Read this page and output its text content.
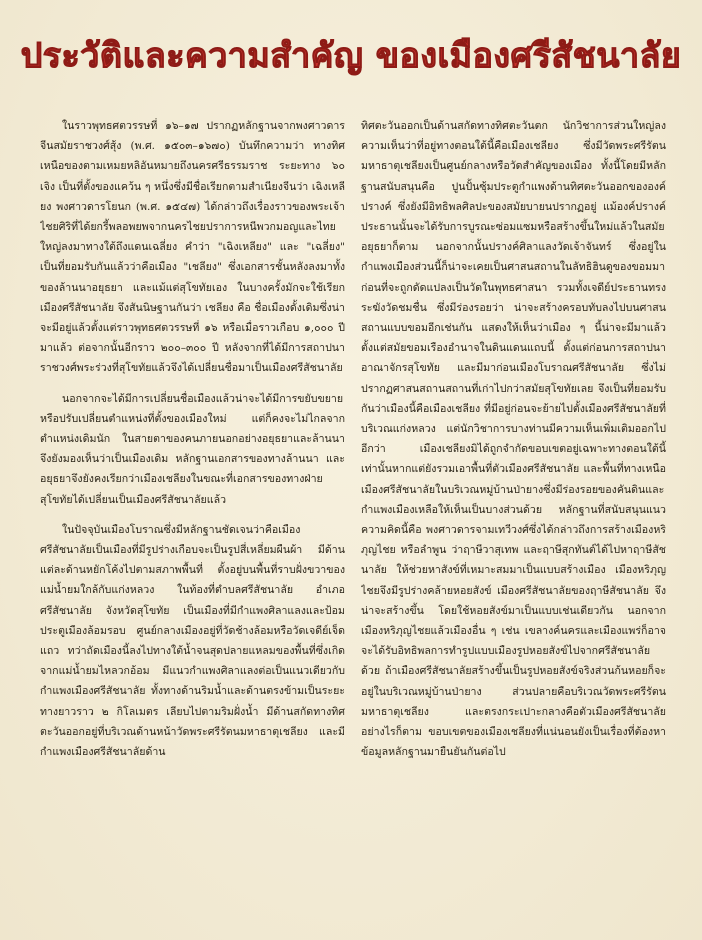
ประวัติและความสำคัญ ของเมืองศรีสัชนาลัย

ในราวพุทธศตวรรษที่ ๑๖–๑๗ ปรากฏหลักฐานจากพงศาวดารจีนสมัยราชวงศ์สุ้ง (พ.ศ. ๑๕๐๓–๑๖๗๐) บันทึกความว่า ทางทิศเหนือของตามเหมยหลิอันหมายถึงนครศรีธรรมราช ระยะทาง ๖๐ เจิง เป็นที่ตั้งของแคว้น ๆ หนึ่งซึ่งมีชื่อเรียกตามสำเนียงจีนว่า เฉิงเหลียง พงศาวดารโยนก (พ.ศ. ๑๕๔๗) ได้กล่าวถึงเรื่องราวของพระเจ้าไชยศิริที่ได้ยกรี้พลอพยพจากนครไชยปราการหนีพวกมอญและไทยใหญ่ลงมาทางใต้ถึงแดนเฉลี่ยง คำว่า "เฉิงเหลียง" และ "เฉลี่ยง" เป็นที่ยอมรับกันแล้วว่าคือเมือง "เชลียง" ซึ่งเอกสารชั้นหลังลงมาทั้งของล้านนาอยุธยา และแม้แต่สุโขทัยเอง ในบางครั้งมักจะใช้เรียกเมืองศรีสัชนาลัย จึงสันนิษฐานกันว่า เชลียง คือ ชื่อเมืองดั้งเดิมซึ่งน่าจะมีอยู่แล้วตั้งแต่ราวพุทธศตวรรษที่ ๑๖ หรือเมื่อราวเกือบ ๑,๐๐๐ ปีมาแล้ว ต่อจากนั้นอีกราว ๒๐๐–๓๐๐ ปี หลังจากที่ได้มีการสถาปนาราชวงศ์พระร่วงที่สุโขทัยแล้วจึงได้เปลี่ยนชื่อมาเป็นเมืองศรีสัชนาลัย

นอกจากจะได้มีการเปลี่ยนชื่อเมืองแล้วน่าจะได้มีการขยับขยายหรือปรับเปลี่ยนตำแหน่งที่ตั้งของเมืองใหม่ แต่ก็คงจะไม่ไกลจากตำแหน่งเดิมนัก ในสายตาของคนภายนอกอย่างอยุธยาและล้านนา จึงยังมองเห็นว่าเป็นเมืองเดิม หลักฐานเอกสารของทางล้านนา และอยุธยาจึงยังคงเรียกว่าเมืองเชลียงในขณะที่เอกสารของทางฝ่ายสุโขทัยได้เปลี่ยนเป็นเมืองศรีสัชนาลัยแล้ว

ในปัจจุบันเมืองโบราณซึ่งมีหลักฐานชัดเจนว่าคือเมืองศรีสัชนาลัยเป็นเมืองที่มีรูปร่างเกือบจะเป็นรูปสี่เหลี่ยมผืนผ้า มีด้านแต่ละด้านหยักโค้งไปตามสภาพพื้นที่ ตั้งอยู่บนพื้นที่ราบฝั่งขวาของแม่น้ำยมใกล้กับแก่งหลวง ในท้องที่ตำบลศรีสัชนาลัย อำเภอศรีสัชนาลัย จังหวัดสุโขทัย เป็นเมืองที่มีกำแพงศิลาแลงและป้อมประตูเมืองล้อมรอบ ศูนย์กลางเมืองอยู่ที่วัดช้างล้อมหรือวัดเจดีย์เจ็ดแถว ทว่าถัดเมืองนี้ลงไปทางใต้น้ำจนสุดปลายแหลมของพื้นที่ซึ่งเกิดจากแม่น้ำยมไหลวกอ้อม มีแนวกำแพงศิลาแลงต่อเป็นแนวเดียวกับกำแพงเมืองศรีสัชนาลัย ทั้งทางด้านริมน้ำและด้านตรงข้ามเป็นระยะทางยาวราว ๒ กิโลเมตร เลียบไปตามริมฝั่งน้ำ มีด้านสกัดทางทิศตะวันออกอยู่ที่บริเวณด้านหน้าวัดพระศรีรัตนมหาธาตุเชลียง และมีกำแพงเมืองศรีสัชนาลัยด้าน

ทิศตะวันออกเป็นด้านสกัดทางทิศตะวันตก นักวิชาการส่วนใหญ่ลงความเห็นว่าที่อยู่ทางตอนใต้นี้คือเมืองเชลียง ซึ่งมีวัดพระศรีรัตนมหาธาตุเชลียงเป็นศูนย์กลางหรือวัดสำคัญของเมือง ทั้งนี้โดยมีหลักฐานสนับสนุนคือ ปูนปั้นซุ้มประตูกำแพงด้านทิศตะวันออกขององค์ปรางค์ ซึ่งยังมีอิทธิพลศิลปะของสมัยบายนปรากฏอยู่ แม้องค์ปรางค์ประธานนั้นจะได้รับการบูรณะซ่อมแซมหรือสร้างขึ้นใหม่แล้วในสมัยอยุธยาก็ตาม นอกจากนั้นปรางค์ศิลาแลงวัดเจ้าจันทร์ ซึ่งอยู่ในกำแพงเมืองส่วนนี้ก็น่าจะเคยเป็นศาสนสถานในลัทธิฮินดูของขอมมาก่อนที่จะถูกดัดแปลงเป็นวัดในพุทธศาสนา รวมทั้งเจดีย์ประธานทรงระฆังวัดชมชื่น ซึ่งมีร่องรอยว่า น่าจะสร้างครอบทับลงไปบนศาสนสถานแบบขอมอีกเช่นกัน แสดงให้เห็นว่าเมือง ๆ นี้น่าจะมีมาแล้วตั้งแต่สมัยขอมเรืองอำนาจในดินแดนแถบนี้ ตั้งแต่ก่อนการสถาปนาอาณาจักรสุโขทัย และมีมาก่อนเมืองโบราณศรีสัชนาลัย ซึ่งไม่ปรากฏศาสนสถานสถานที่เก่าไปกว่าสมัยสุโขทัยเลย จึงเป็นที่ยอมรับกันว่าเมืองนี้คือเมืองเชลียง ที่มีอยู่ก่อนจะย้ายไปตั้งเมืองศรีสัชนาลัยที่บริเวณแก่งหลวง แต่นักวิชาการบางท่านมีความเห็นเพิ่มเติมออกไปอีกว่า เมืองเชลียงมิได้ถูกจำกัดขอบเขตอยู่เฉพาะทางตอนใต้นี้เท่านั้นหากแต่ยังรวมเอาพื้นที่ตัวเมืองศรีสัชนาลัย และพื้นที่ทางเหนือเมืองศรีสัชนาลัยในบริเวณหมู่บ้านป่ายางซึ่งมีร่องรอยของคันดินและกำแพงเมืองเหลือให้เห็นเป็นบางส่วนด้วย หลักฐานที่สนับสนุนแนวความคิดนี้คือ พงศาวดารจามเทวีวงศ์ซึ่งได้กล่าวถึงการสร้างเมืองหริภุญไชย หรือลำพูน ว่าฤาษีวาสุเทพ และฤาษีสุกทันต์ได้ไปหาฤาษีสัชนาลัย ให้ช่วยหาสังข์ที่เหมาะสมมาเป็นแบบสร้างเมือง เมืองหริภุญไชยจึงมีรูปร่างคล้ายหอยสังข์ เมืองศรีสัชนาลัยของฤาษีสัชนาลัย จึงน่าจะสร้างขึ้น โดยใช้หอยสังข์มาเป็นแบบเช่นเดียวกัน นอกจากเมืองหริภุญไชยแล้วเมืองอื่น ๆ เช่น เขลางค์นครและเมืองแพร่ก็อาจจะได้รับอิทธิพลการทำรูปแบบเมืองรูปหอยสังข์ไปจากศรีสัชนาลัยด้วย ถ้าเมืองศรีสัชนาลัยสร้างขึ้นเป็นรูปหอยสังข์จริงส่วนก้นหอยก็จะอยู่ในบริเวณหมู่บ้านป่ายาง ส่วนปลายคือบริเวณวัดพระศรีรัตนมหาธาตุเชลียง และตรงกระเปาะกลางคือตัวเมืองศรีสัชนาลัยอย่างไรก็ตาม ขอบเขตของเมืองเชลียงที่แน่นอนยังเป็นเรื่องที่ต้องหาข้อมูลหลักฐานมายืนยันกันต่อไป
